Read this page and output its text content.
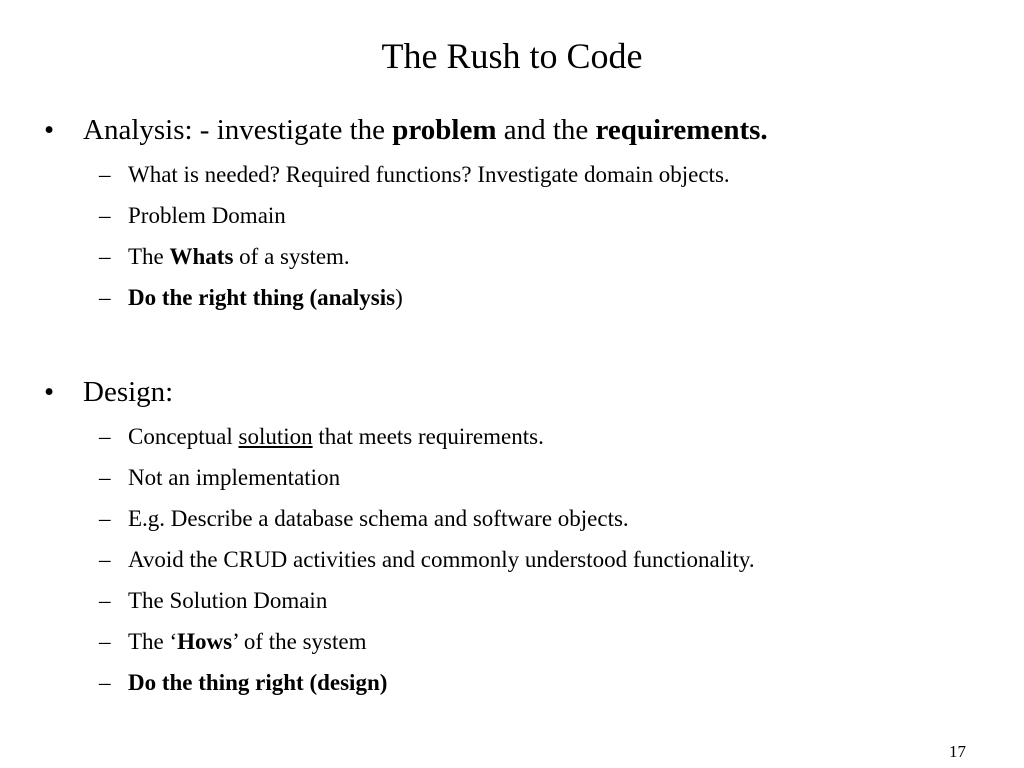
The Rush to Code
• Analysis: - investigate the problem and the requirements.
– What is needed? Required functions? Investigate domain objects.
– Problem Domain
– The Whats of a system.
– Do the right thing (analysis)
• Design:
– Conceptual solution that meets requirements.
– Not an implementation
– E.g. Describe a database schema and software objects.
– Avoid the CRUD activities and commonly understood functionality.
– The Solution Domain
– The ‘Hows’ of the system
– Do the thing right (design)
17
